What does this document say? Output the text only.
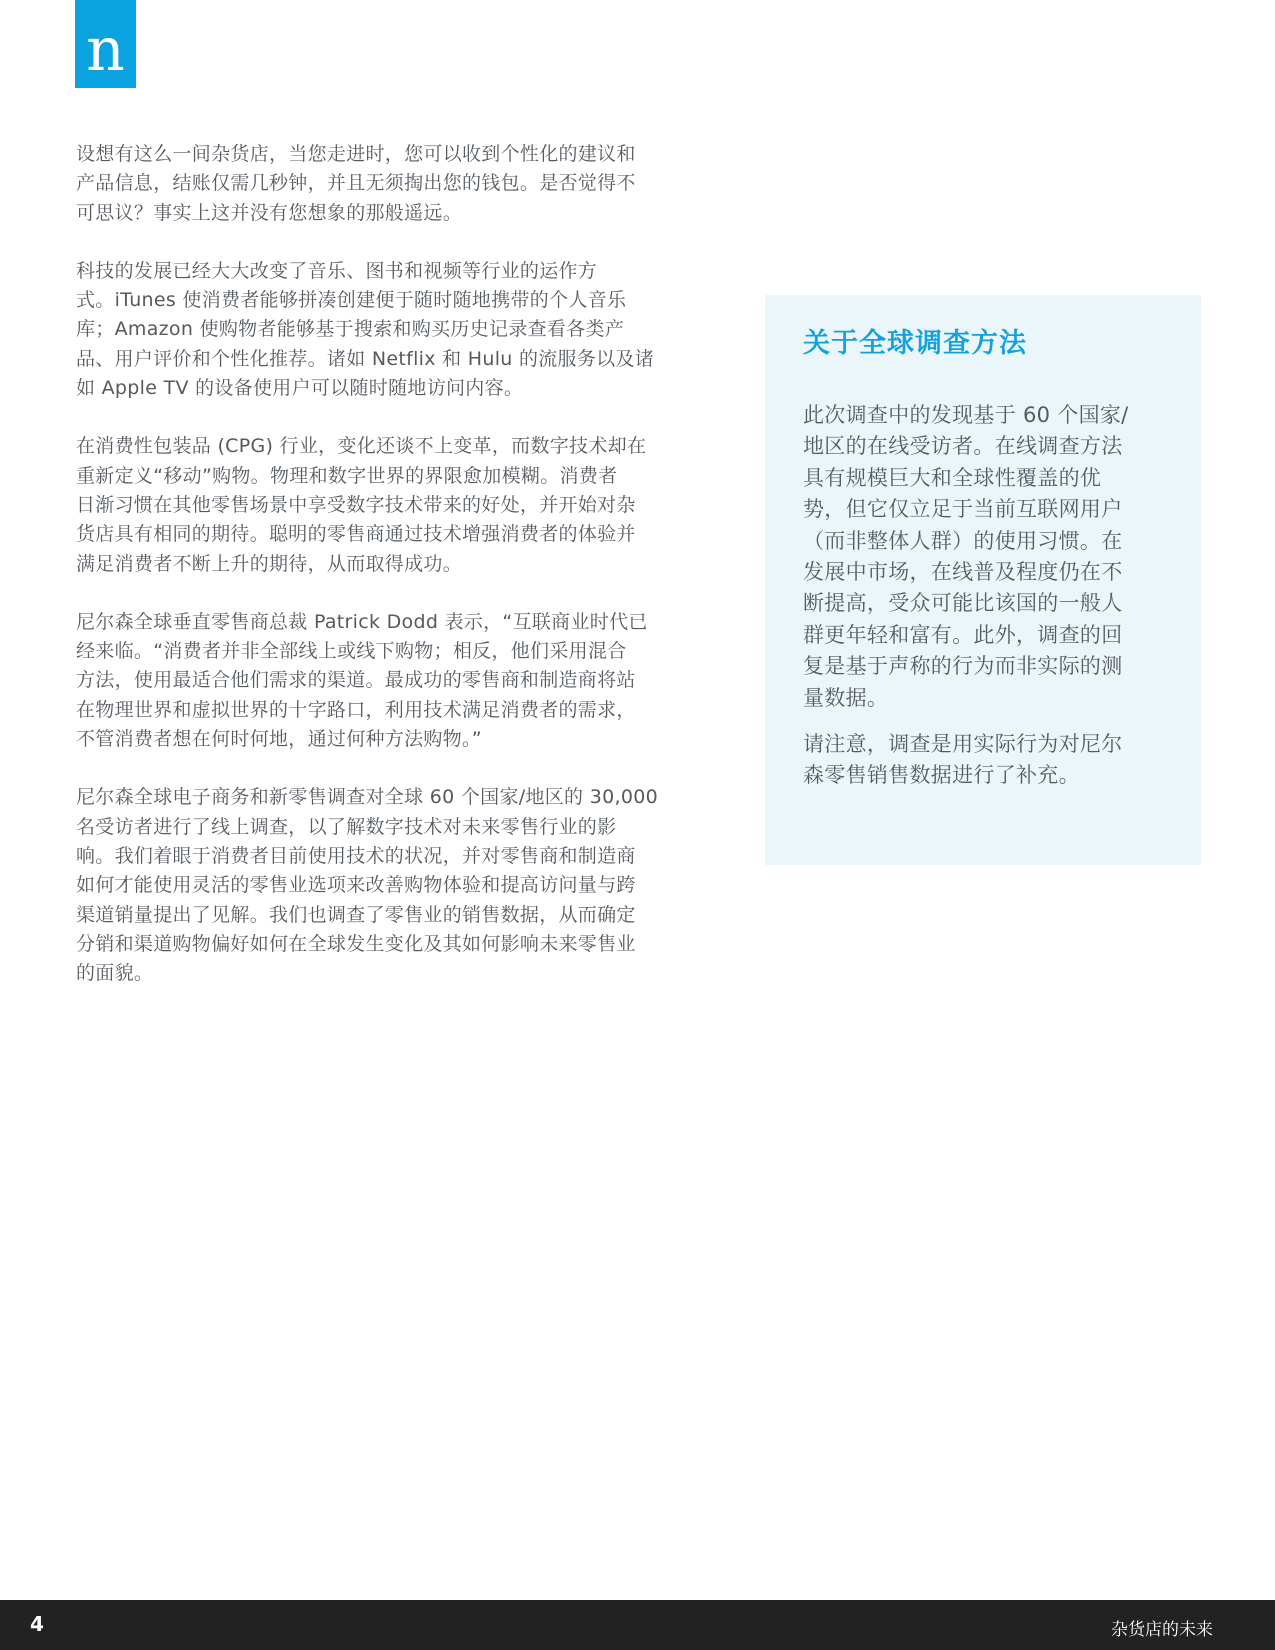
n

设想有这么一间杂货店，当您走进时，您可以收到个性化的建议和
产品信息，结账仅需几秒钟，并且无须掏出您的钱包。是否觉得不
可思议？事实上这并没有您想象的那般遥远。

科技的发展已经大大改变了音乐、图书和视频等行业的运作方
式。iTunes 使消费者能够拼凑创建便于随时随地携带的个人音乐
库；Amazon 使购物者能够基于搜索和购买历史记录查看各类产
品、用户评价和个性化推荐。诸如 Netflix 和 Hulu 的流服务以及诸
如 Apple TV 的设备使用户可以随时随地访问内容。

在消费性包装品 (CPG) 行业，变化还谈不上变革，而数字技术却在
重新定义“移动”购物。物理和数字世界的界限愈加模糊。消费者
日渐习惯在其他零售场景中享受数字技术带来的好处，并开始对杂
货店具有相同的期待。聪明的零售商通过技术增强消费者的体验并
满足消费者不断上升的期待，从而取得成功。

尼尔森全球垂直零售商总裁 Patrick Dodd 表示，“互联商业时代已
经来临。“消费者并非全部线上或线下购物；相反，他们采用混合
方法，使用最适合他们需求的渠道。最成功的零售商和制造商将站
在物理世界和虚拟世界的十字路口，利用技术满足消费者的需求，
不管消费者想在何时何地，通过何种方法购物。”

尼尔森全球电子商务和新零售调查对全球 60 个国家/地区的 30,000
名受访者进行了线上调查，以了解数字技术对未来零售行业的影
响。我们着眼于消费者目前使用技术的状况，并对零售商和制造商
如何才能使用灵活的零售业选项来改善购物体验和提高访问量与跨
渠道销量提出了见解。我们也调查了零售业的销售数据，从而确定
分销和渠道购物偏好如何在全球发生变化及其如何影响未来零售业
的面貌。

关于全球调查方法

此次调查中的发现基于 60 个国家/
地区的在线受访者。在线调查方法
具有规模巨大和全球性覆盖的优
势，但它仅立足于当前互联网用户
（而非整体人群）的使用习惯。在
发展中市场，在线普及程度仍在不
断提高，受众可能比该国的一般人
群更年轻和富有。此外，调查的回
复是基于声称的行为而非实际的测
量数据。

请注意，调查是用实际行为对尼尔
森零售销售数据进行了补充。

4	杂货店的未来
